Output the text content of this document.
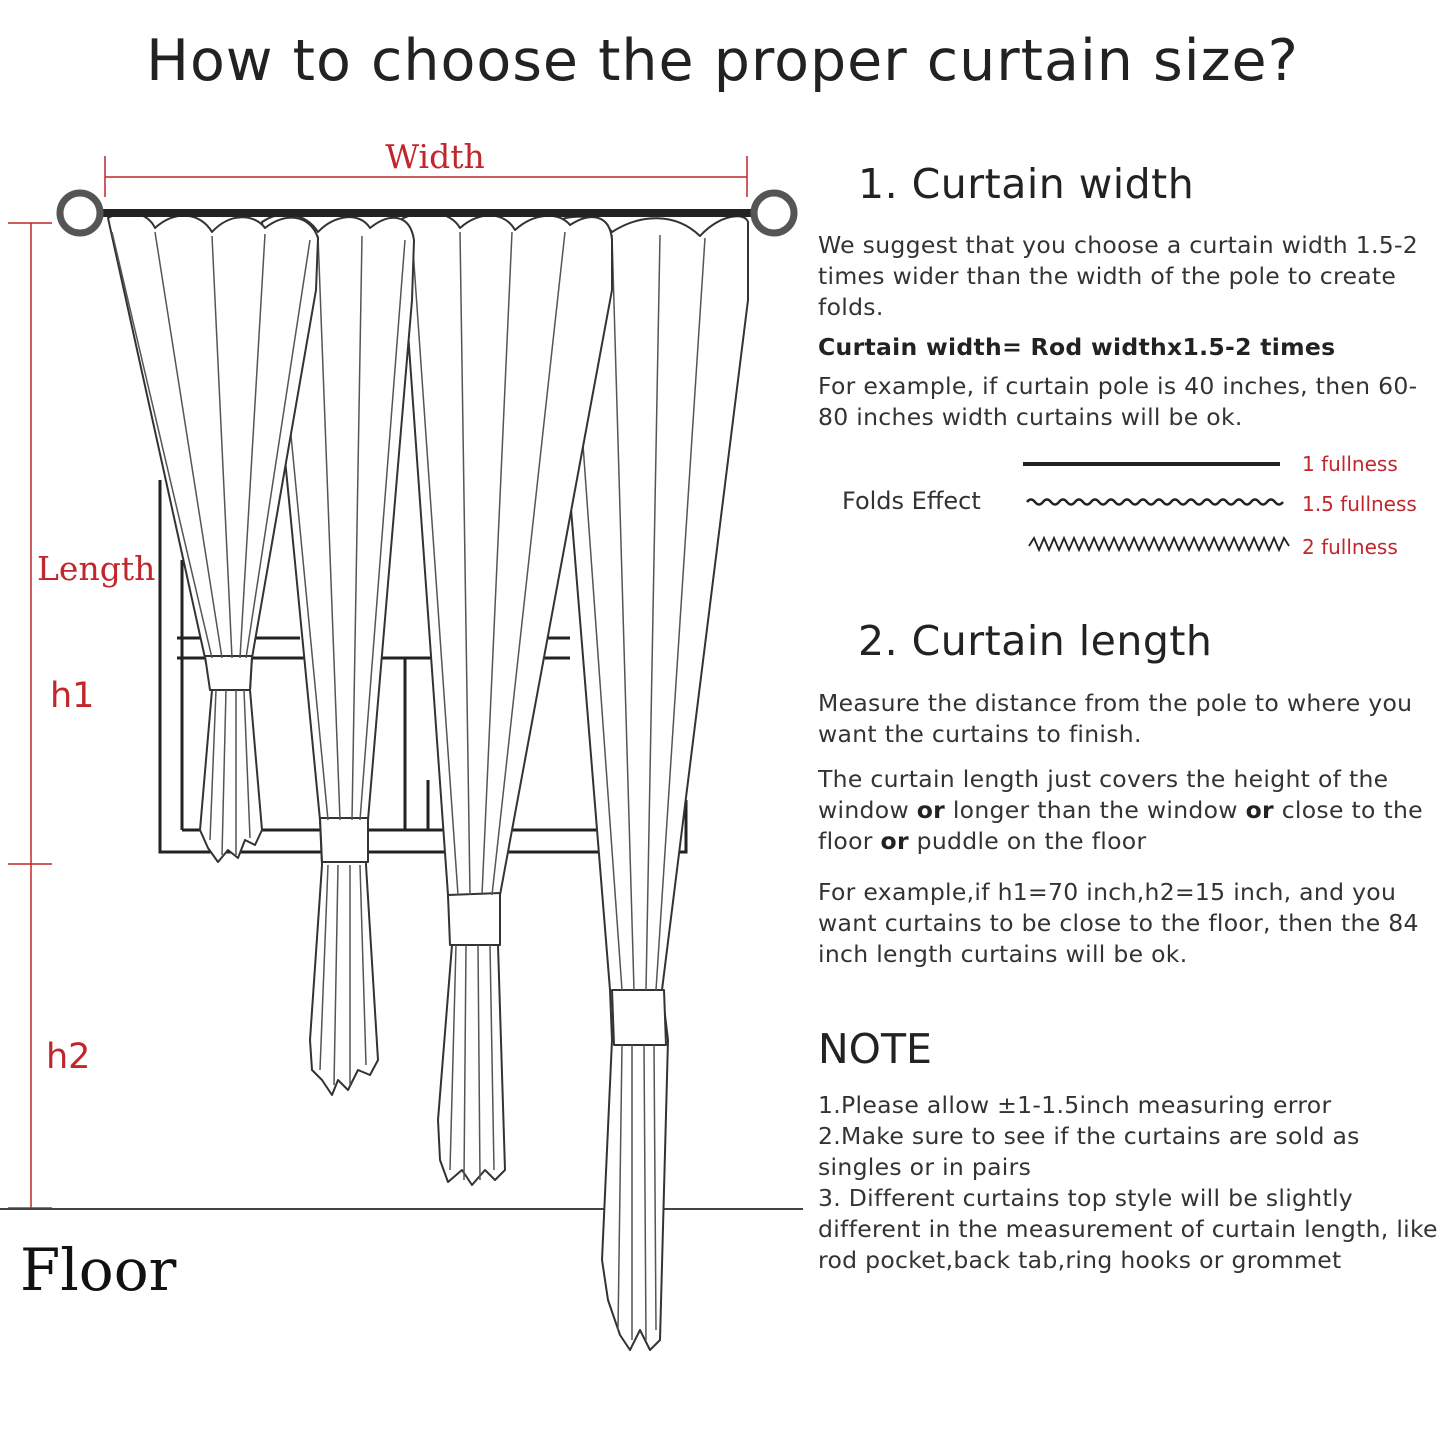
How to choose the proper curtain size?
Width
Length
h1
h2
Floor
1. Curtain width

We suggest that you choose a curtain width 1.5-2 times wider than the width of the pole to create folds.

Curtain width= Rod widthx1.5-2 times

For example, if curtain pole is 40 inches, then 60-80 inches width curtains will be ok.

Folds Effect
1 fullness
1.5 fullness
2 fullness
2. Curtain length

Measure the distance from the pole to where you want the curtains to finish.

The curtain length just covers the height of the window or longer than the window or close to the floor or puddle on the floor

For example,if h1=70 inch,h2=15 inch, and you want curtains to be close to the floor, then the 84 inch length curtains will be ok.

NOTE

1.Please allow ±1-1.5inch measuring error

2.Make sure to see if the curtains are sold as singles or in pairs

3. Different curtains top style will be slightly different in the measurement of curtain length, like rod pocket,back tab,ring hooks or grommet
